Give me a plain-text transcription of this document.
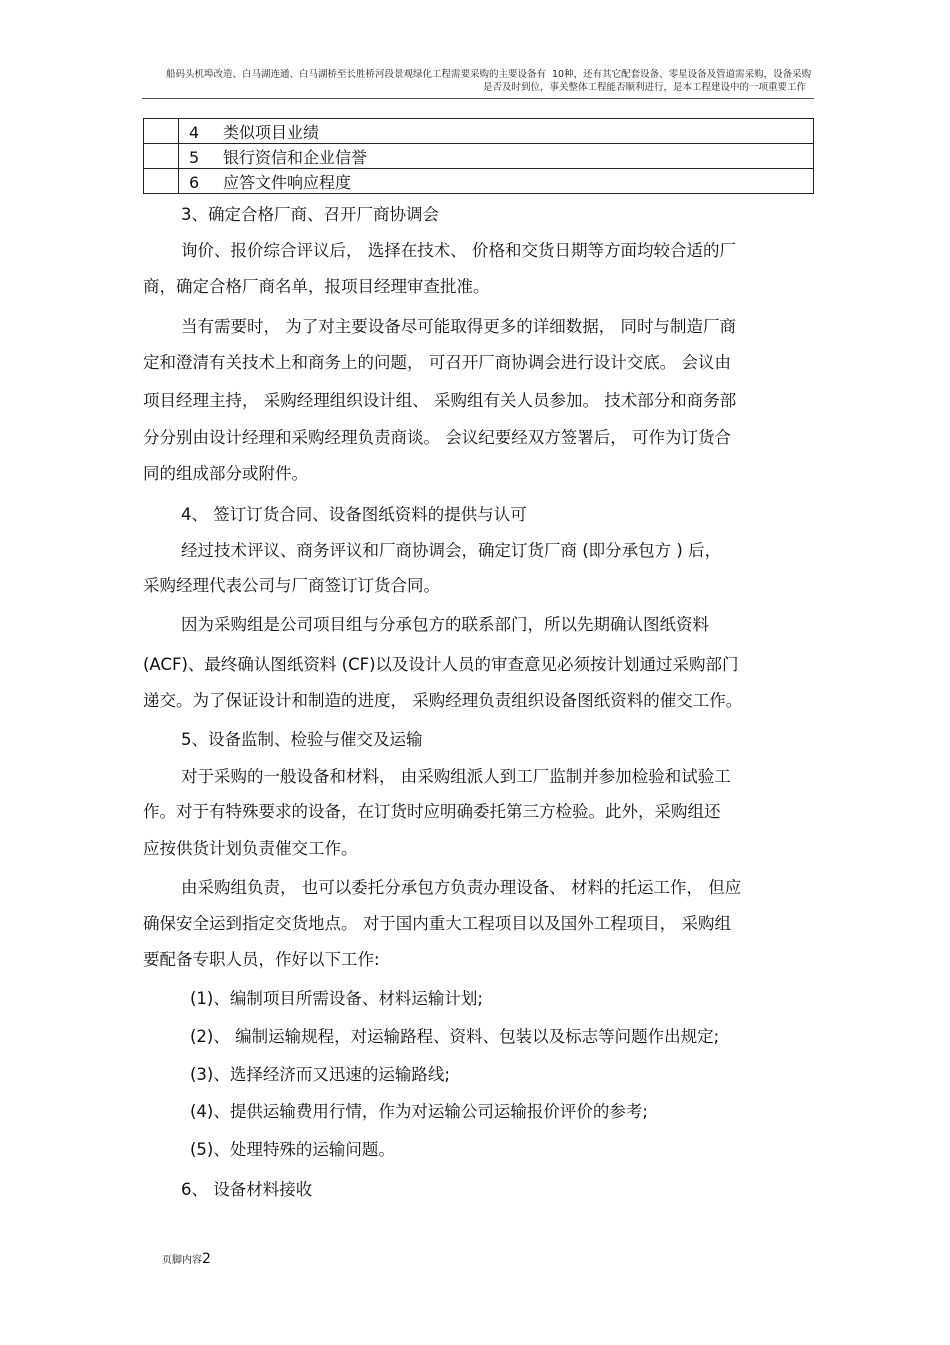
船码头机埠改造、白马湖连通、白马湖桥至长胜桥河段景观绿化工程需要采购的主要设备有 10种，还有其它配套设备、零星设备及管道需采购，设备采购
是否及时到位，事关整体工程能否顺利进行，是本工程建设中的一项重要工作
	4 类似项目业绩
	5 银行资信和企业信誉
	6 应答文件响应程度
3、确定合格厂商、召开厂商协调会
询价、报价综合评议后， 选择在技术、 价格和交货日期等方面均较合适的厂
商，确定合格厂商名单，报项目经理审查批准。
当有需要时， 为了对主要设备尽可能取得更多的详细数据， 同时与制造厂商
定和澄清有关技术上和商务上的问题， 可召开厂商协调会进行设计交底。 会议由
项目经理主持， 采购经理组织设计组、 采购组有关人员参加。 技术部分和商务部
分分别由设计经理和采购经理负责商谈。 会议纪要经双方签署后， 可作为订货合
同的组成部分或附件。
4、 签订订货合同、设备图纸资料的提供与认可
经过技术评议、商务评议和厂商协调会，确定订货厂商 (即分承包方 ) 后，
采购经理代表公司与厂商签订订货合同。
因为采购组是公司项目组与分承包方的联系部门，所以先期确认图纸资料
(ACF)、最终确认图纸资料 (CF)以及设计人员的审查意见必须按计划通过采购部门
递交。为了保证设计和制造的进度， 采购经理负责组织设备图纸资料的催交工作。
5、设备监制、检验与催交及运输
对于采购的一般设备和材料， 由采购组派人到工厂监制并参加检验和试验工
作。对于有特殊要求的设备，在订货时应明确委托第三方检验。此外，采购组还
应按供货计划负责催交工作。
由采购组负责， 也可以委托分承包方负责办理设备、 材料的托运工作， 但应
确保安全运到指定交货地点。 对于国内重大工程项目以及国外工程项目， 采购组
要配备专职人员，作好以下工作:
(1)、编制项目所需设备、材料运输计划;
(2)、 编制运输规程，对运输路程、资料、包装以及标志等问题作出规定;
(3)、选择经济而又迅速的运输路线;
(4)、提供运输费用行情，作为对运输公司运输报价评价的参考;
(5)、处理特殊的运输问题。
6、 设备材料接收
页脚内容2
